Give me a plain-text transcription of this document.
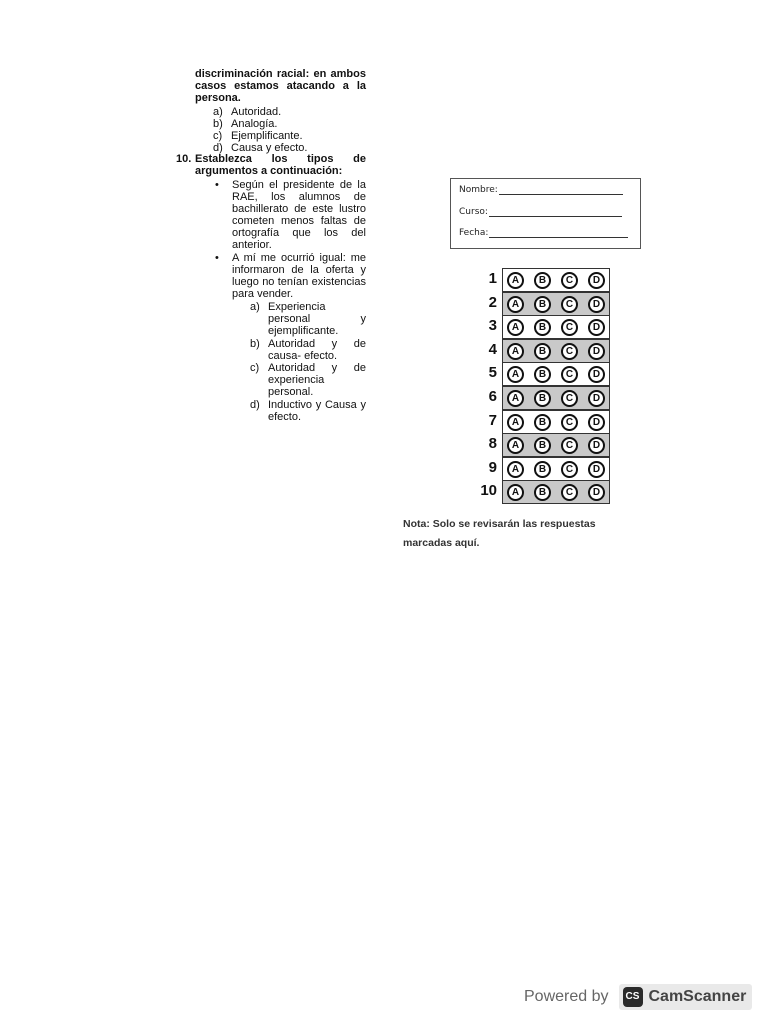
discriminación racial: en ambos casos estamos atacando a la persona.
a) Autoridad.
b) Analogía.
c) Ejemplificante.
d) Causa y efecto.
10. Establezca los tipos de argumentos a continuación:
• Según el presidente de la RAE, los alumnos de bachillerato de este lustro cometen menos faltas de ortografía que los del anterior.
• A mí me ocurrió igual: me informaron de la oferta y luego no tenían existencias para vender.
a) Experiencia personal y ejemplificante.
b) Autoridad y de causa- efecto.
c) Autoridad y de experiencia personal.
d) Inductivo y Causa y efecto.
Nombre:
Curso:
Fecha:
1	A	B	C	D
2	A	B	C	D
3	A	B	C	D
4	A	B	C	D
5	A	B	C	D
6	A	B	C	D
7	A	B	C	D
8	A	B	C	D
9	A	B	C	D
10	A	B	C	D
Nota: Solo se revisarán las respuestas
marcadas aquí.
Powered by	CS CamScanner
